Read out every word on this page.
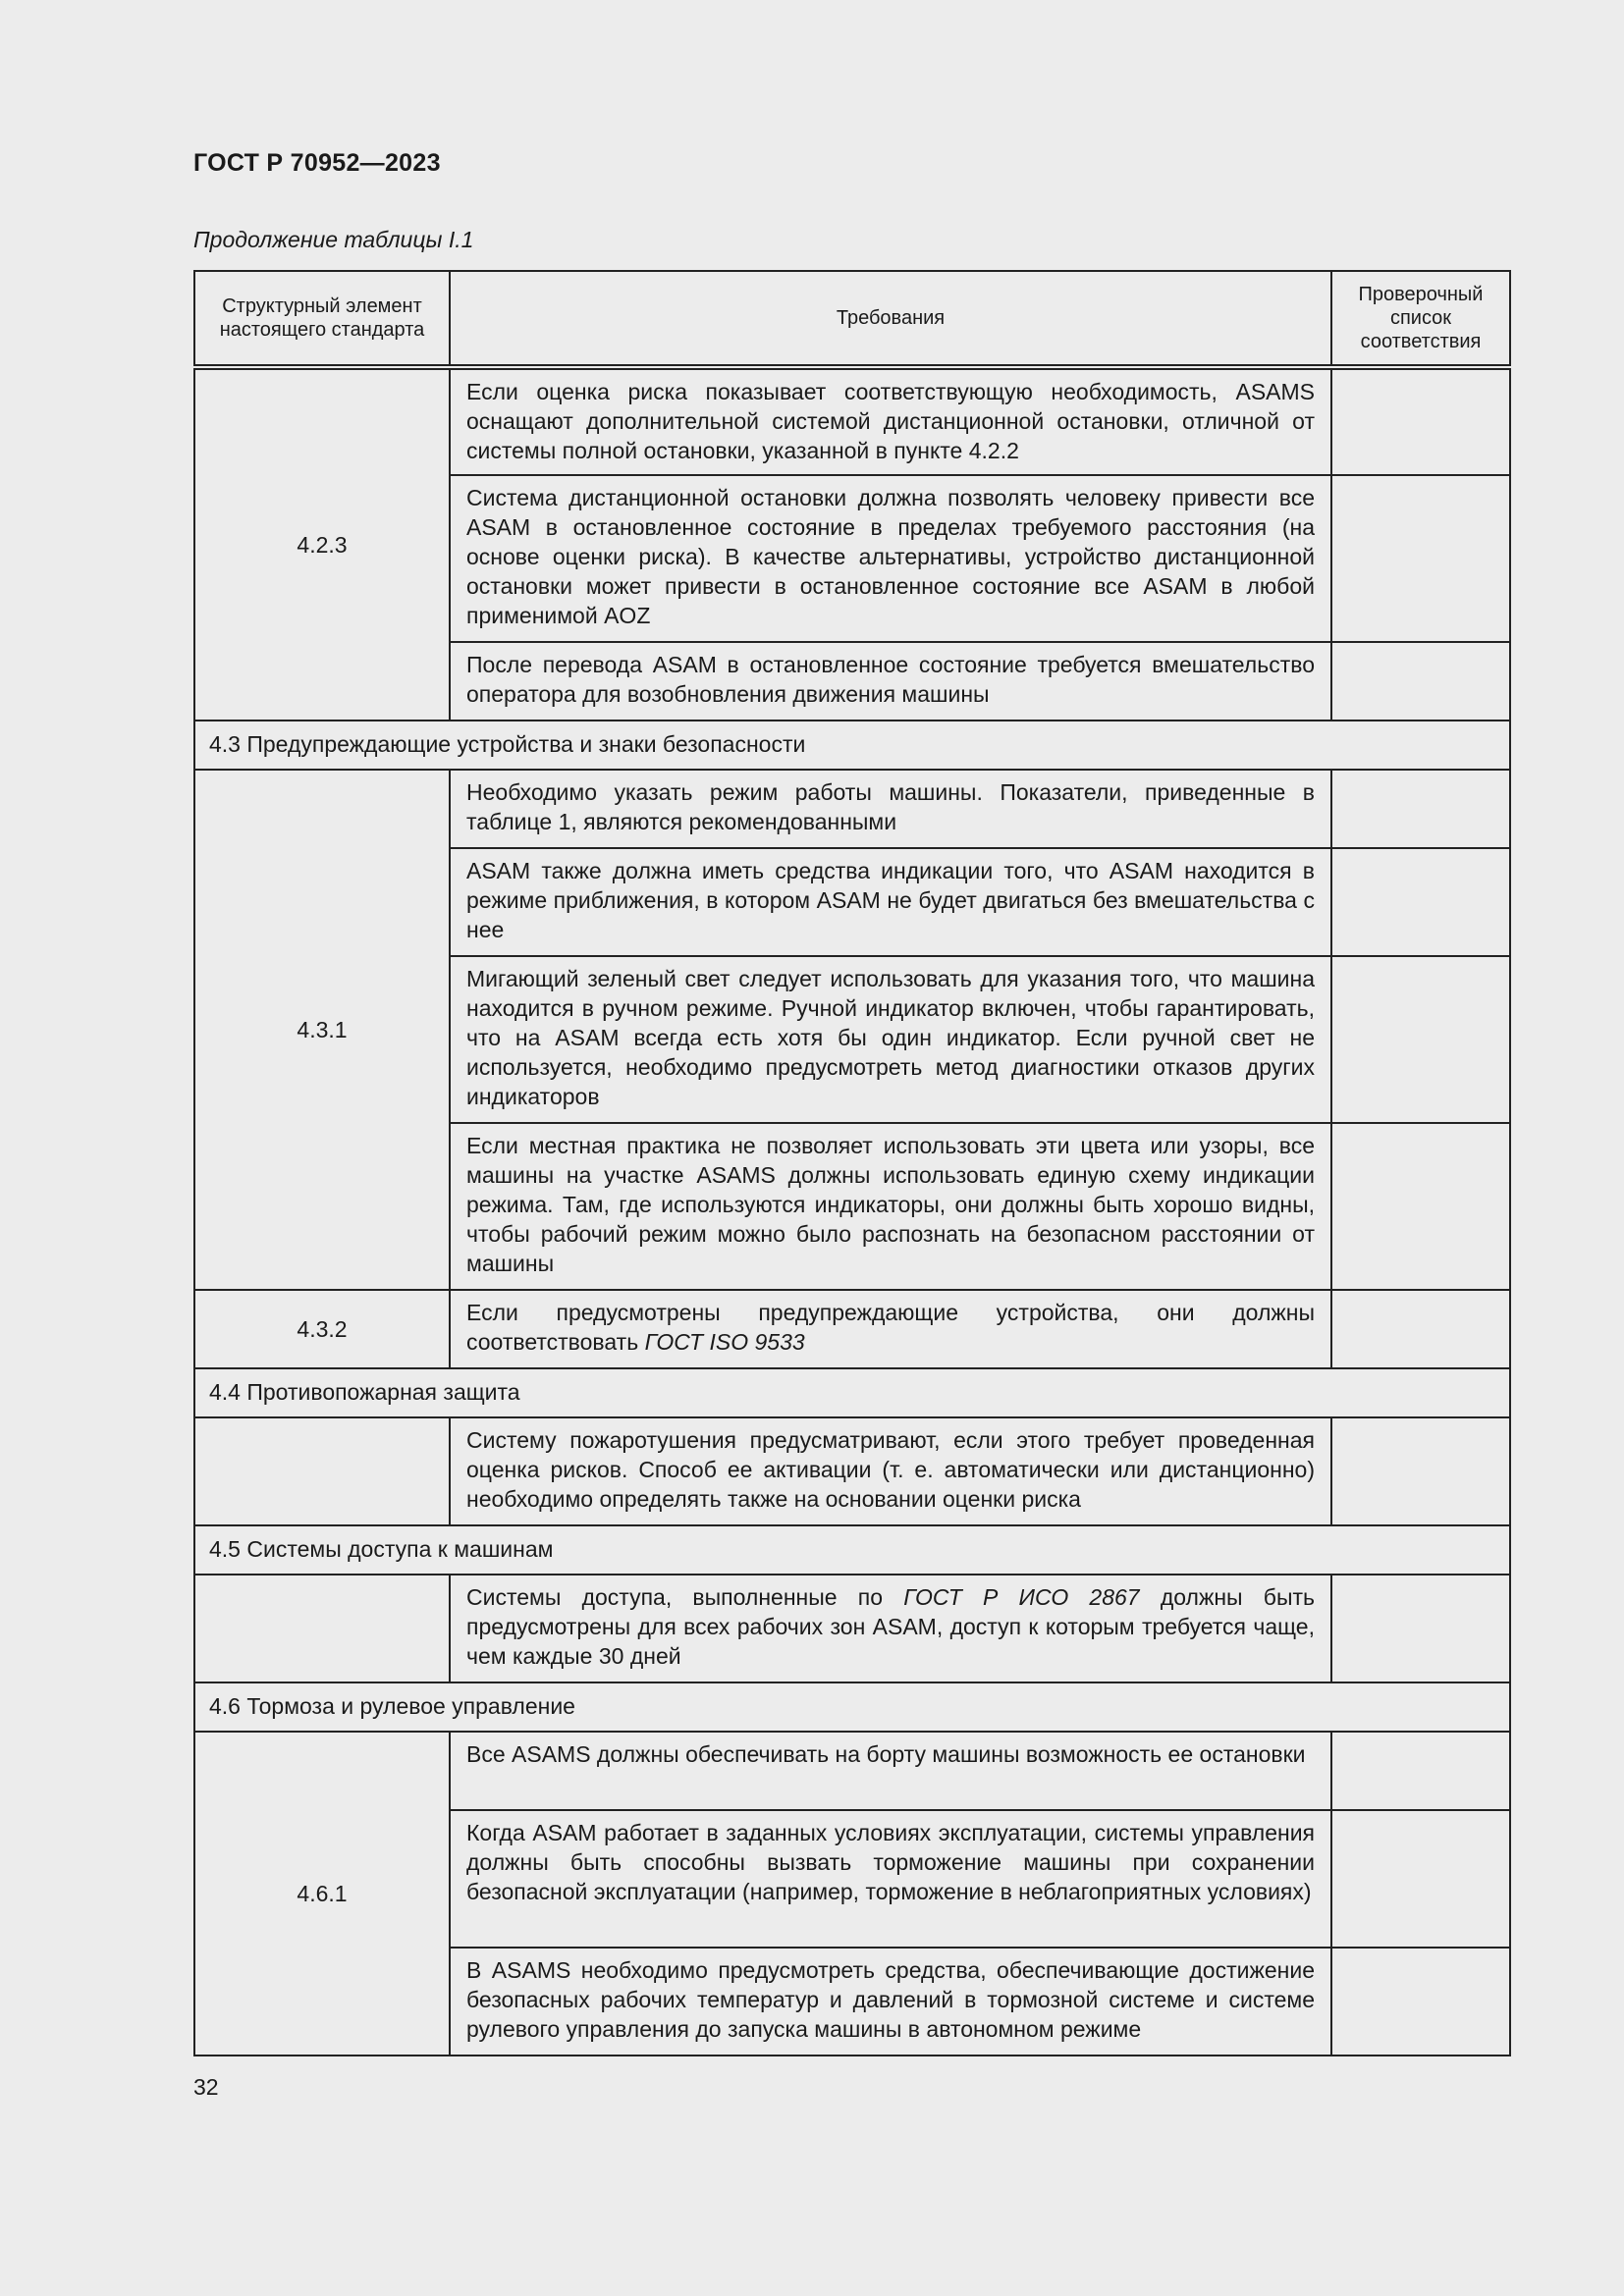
ГОСТ Р 70952—2023
Продолжение таблицы I.1
Структурный элемент настоящего стандарта	Требования	Проверочный список соответствия

4.2.3	Если оценка риска показывает соответствующую необходимость, ASAMS оснащают дополнительной системой дистанционной остановки, отличной от системы полной остановки, указанной в пункте 4.2.2	
	Система дистанционной остановки должна позволять человеку привести все ASAM в остановленное состояние в пределах требуемого расстояния (на основе оценки риска). В качестве альтернативы, устройство дистанционной остановки может привести в остановленное состояние все ASAM в любой применимой AOZ	
	После перевода ASAM в остановленное состояние требуется вмешательство оператора для возобновления движения машины	
4.3 Предупреждающие устройства и знаки безопасности		
4.3.1	Необходимо указать режим работы машины. Показатели, приведенные в таблице 1, являются рекомендованными	
	ASAM также должна иметь средства индикации того, что ASAM находится в режиме приближения, в котором ASAM не будет двигаться без вмешательства с нее	
	Мигающий зеленый свет следует использовать для указания того, что машина находится в ручном режиме. Ручной индикатор включен, чтобы гарантировать, что на ASAM всегда есть хотя бы один индикатор. Если ручной свет не используется, необходимо предусмотреть метод диагностики отказов других индикаторов	
	Если местная практика не позволяет использовать эти цвета или узоры, все машины на участке ASAMS должны использовать единую схему индикации режима. Там, где используются индикаторы, они должны быть хорошо видны, чтобы рабочий режим можно было распознать на безопасном расстоянии от машины	
4.3.2	Если предусмотрены предупреждающие устройства, они должны соответствовать ГОСТ ISO 9533	
4.4 Противопожарная защита		
	Систему пожаротушения предусматривают, если этого требует проведенная оценка рисков. Способ ее активации (т. е. автоматически или дистанционно) необходимо определять также на основании оценки риска	
4.5 Системы доступа к машинам		
	Системы доступа, выполненные по ГОСТ Р ИСО 2867 должны быть предусмотрены для всех рабочих зон ASAM, доступ к которым требуется чаще, чем каждые 30 дней	
4.6 Тормоза и рулевое управление		
4.6.1	Все ASAMS должны обеспечивать на борту машины возможность ее остановки	
	Когда ASAM работает в заданных условиях эксплуатации, системы управления должны быть способны вызвать торможение машины при сохранении безопасной эксплуатации (например, торможение в неблагоприятных условиях)	
	В ASAMS необходимо предусмотреть средства, обеспечивающие достижение безопасных рабочих температур и давлений в тормозной системе и системе рулевого управления до запуска машины в автономном режиме	
32
